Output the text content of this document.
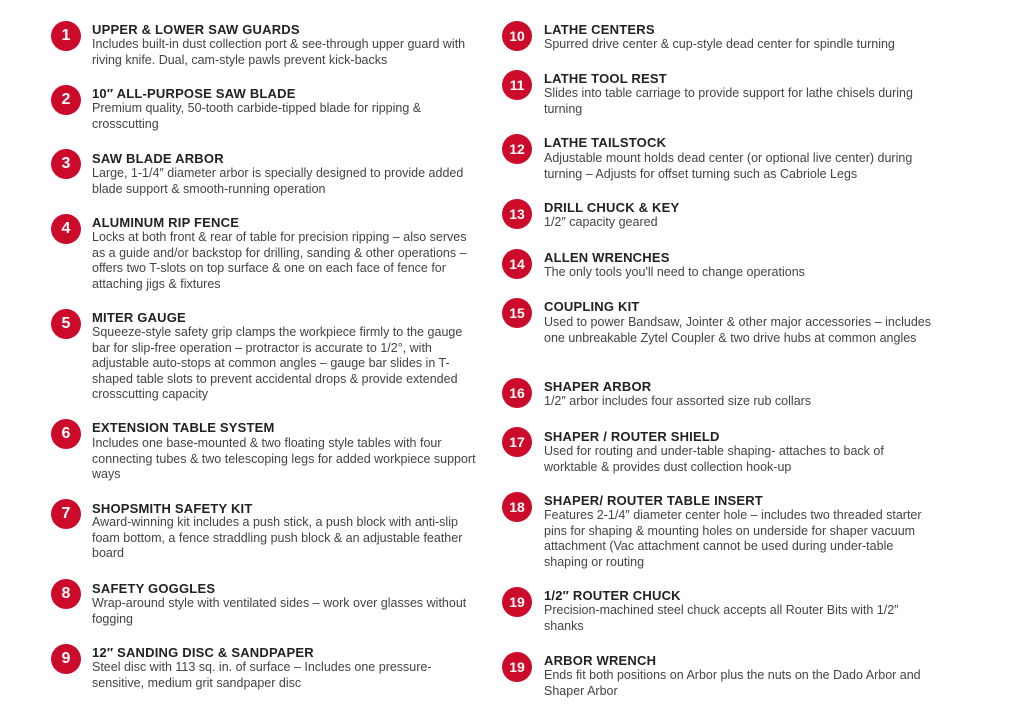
1	UPPER & LOWER SAW GUARDS
Includes built-in dust collection port & see-through upper guard with riving knife. Dual, cam-style pawls prevent kick-backs
2	10″ ALL-PURPOSE SAW BLADE
Premium quality, 50-tooth carbide-tipped blade for ripping & crosscutting
3	SAW BLADE ARBOR
Large, 1-1/4″ diameter arbor is specially designed to provide added blade support & smooth-running operation
4	ALUMINUM RIP FENCE
Locks at both front & rear of table for precision ripping – also serves as a guide and/or backstop for drilling, sanding & other operations – offers two T-slots on top surface & one on each face of fence for attaching jigs & fixtures
5	MITER GAUGE
Squeeze-style safety grip clamps the workpiece firmly to the gauge bar for slip-free operation – protractor is accurate to 1/2°, with adjustable auto-stops at common angles – gauge bar slides in T-shaped table slots to prevent accidental drops & provide extended crosscutting capacity
6	EXTENSION TABLE SYSTEM
Includes one base-mounted & two floating style tables with four connecting tubes & two telescoping legs for added workpiece support ways
7	SHOPSMITH SAFETY KIT
Award-winning kit includes a push stick, a push block with anti-slip foam bottom, a fence straddling push block & an adjustable feather board
8	SAFETY GOGGLES
Wrap-around style with ventilated sides – work over glasses without fogging
9	12″ SANDING DISC & SANDPAPER
Steel disc with 113 sq. in. of surface – Includes one pressure-sensitive, medium grit sandpaper disc
10	LATHE CENTERS
Spurred drive center & cup-style dead center for spindle turning
11	LATHE TOOL REST
Slides into table carriage to provide support for lathe chisels during turning
12	LATHE TAILSTOCK
Adjustable mount holds dead center (or optional live center) during turning – Adjusts for offset turning such as Cabriole Legs
13	DRILL CHUCK & KEY
1/2″ capacity geared
14	ALLEN WRENCHES
The only tools you'll need to change operations
15	COUPLING KIT
Used to power Bandsaw, Jointer & other major accessories – includes one unbreakable Zytel Coupler & two drive hubs at common angles
16	SHAPER ARBOR
1/2″ arbor includes four assorted size rub collars
17	SHAPER / ROUTER SHIELD
Used for routing and under-table shaping- attaches to back of worktable & provides dust collection hook-up
18	SHAPER/ ROUTER TABLE INSERT
Features 2-1/4″ diameter center hole – includes two threaded starter pins for shaping & mounting holes on underside for shaper vacuum attachment (Vac attachment cannot be used during under-table shaping or routing
19	1/2″ ROUTER CHUCK
Precision-machined steel chuck accepts all Router Bits with 1/2″ shanks
19	ARBOR WRENCH
Ends fit both positions on Arbor plus the nuts on the Dado Arbor and Shaper Arbor
